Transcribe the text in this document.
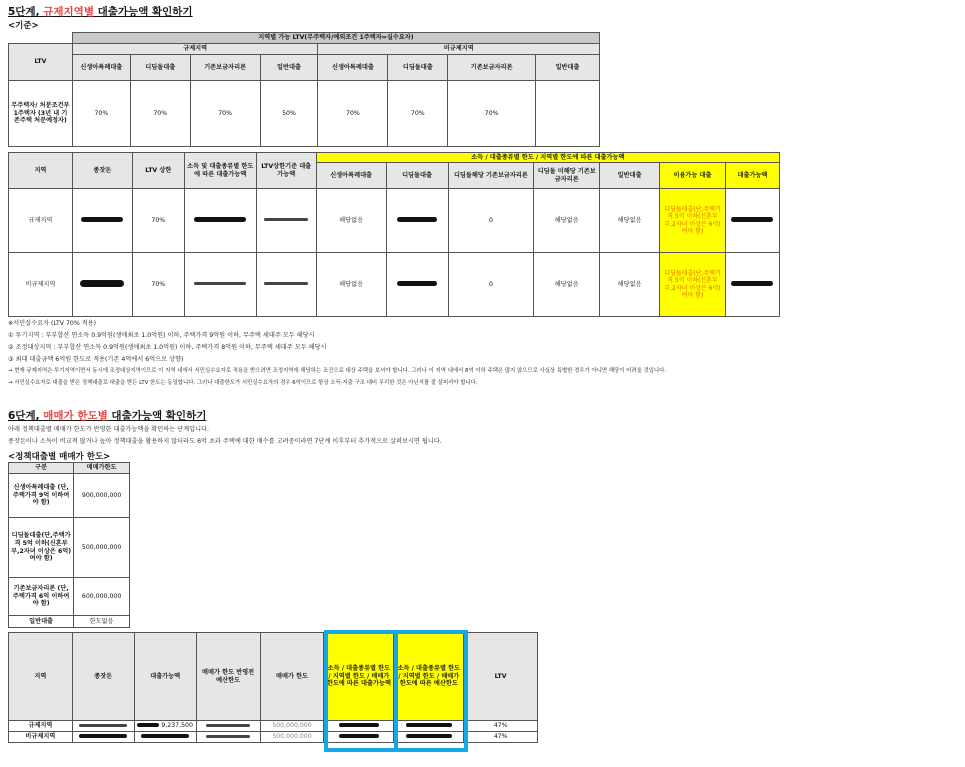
5단계, 규제지역별 대출가능액 확인하기
<기준>
	지역별 가능 LTV(무주택자/예외조건 1주택자=실수요자)							
LTV	규제지역				비규제지역			
	신생아특례대출	디딤돌대출	기존보금자리론	일반대출	신생아특례대출	디딤돌대출	기존보금자리론	일반대출
무주택자/ 처분조건부 1주택자 (3년 내 기존주택 처분예정자)	70%	70%	70%	50%	70%	70%	70%	
지역	종잣돈	LTV 상한	소득 및 대출종류별 한도에 따른 대출가능액	LTV상한기준 대출가능액	소득 / 대출종류별 한도 / 지역별 한도에 따른 대출가능액						
					신생아특례대출	디딤돌대출	디딤돌해당 기존보금자리론	디딤돌 미해당 기존보금자리론	일반대출	이용가능 대출	대출가능액
규제지역		70%			해당없음		0	해당없음	해당없음	디딤돌대출(단,주택가격 5억 이하(신혼부부,2자녀 이상은 6억)여야 함)	
비규제지역		70%			해당없음		0	해당없음	해당없음	디딤돌대출(단,주택가격 5억 이하(신혼부부,2자녀 이상은 6억)여야 함)	
※서민실수요자 (LTV 70% 적용)
① 투기지역 : 부부합산 연소득 0.9억원(생애최초 1.0억원) 이하, 주택가격 9억원 이하, 무주택 세대주 모두 해당시
② 조정대상지역 : 부부합산 연소득 0.9억원(생애최초 1.0억원) 이하, 주택가격 8억원 이하, 무주택 세대주 모두 해당시
③ 최대 대출금액 6억원 한도로 적용(기존 4억에서 6억으로 상향)
→ 현재 규제지역은 투기지역이면서 동시에 조정대상지역이므로 이 지역 내에서 서민실수요자로 적용을 받으려면 조정지역에 해당하는 조건으로 대상 주택을 보셔야 합니다. 그러나 이 지역 내에서 8억 이하 주택은 많지 않으므로 사실상 특별한 경우가 아니면 해당이 어려울 것입니다.
→ 서민실수요자로 대출을 받은 정책대출로 대출을 받든 LTV 한도는 동일합니다. 그러나 대출한도가 서민실수요자의 경우 6억이므로 항상 소득·지출 구조 대비 무리한 것은 아닌지를 잘 살피셔야 합니다.
6단계, 매매가 한도별 대출가능액 확인하기
아래 정책대출별 매매가 한도가 반영한 대출가능액을 확인하는 단계입니다.
종잣돈이나 소득이 비교적 많거나 높아 정책대출을 활용하지 않더라도 6억 초과 주택에 대한 매수를 고려중이라면 7단계 이후부터 추가적으로 살펴보시면 됩니다.
<정책대출별 매매가 한도>
구분	매매가한도
신생아특례대출 (단,주택가격 9억 이하여야 함)	900,000,000
디딤돌대출(단,주택가격 5억 이하(신혼부부,2자녀 이상은 6억)여야 함)	500,000,000
기존보금자리론 (단,주택가격 6억 이하여야 함)	600,000,000
일반대출	한도없음
지역	종잣돈	대출가능액	매매가 한도 반영전 예산한도	매매가 한도	소득 / 대출종류별 한도 / 지역별 한도 / 매매가 한도에 따른 대출가능액	소득 / 대출종류별 한도 / 지역별 한도 / 매매가 한도에 따른 예산한도	LTV
규제지역		9,237,500		500,000,000			47%
비규제지역				500,000,000			47%
